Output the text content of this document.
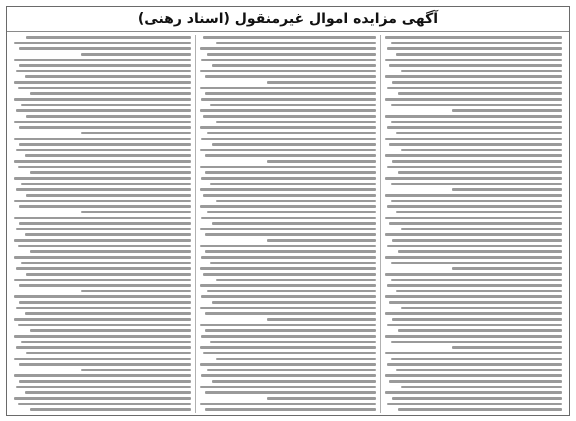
آگهی مزایده اموال غیرمنقول (اسناد رهنی)
